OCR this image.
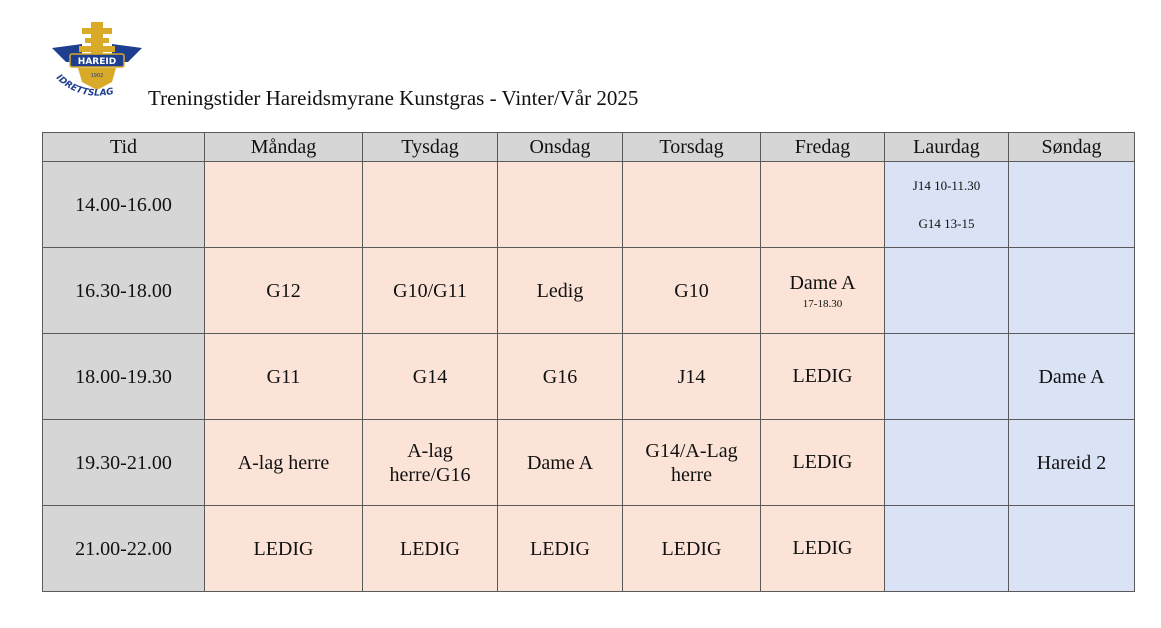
HAREID
1902
IDRETTSLAG Treningstider Hareidsmyrane Kunstgras - Vinter/Vår 2025
Tid	Måndag	Tysdag	Onsdag	Torsdag	Fredag	Laurdag	Søndag
14.00-16.00						J14 10-11.30
G14 13-15	

16.30-18.00	G12	G10/G11	Ledig	G10	Dame A
17-18.30		

18.00-19.30	G11	G14	G16	J14	LEDIG		Dame A
19.30-21.00	A-lag herre	A-lag herre/G16	Dame A	G14/A-Lag herre	LEDIG		Hareid 2
21.00-22.00	LEDIG	LEDIG	LEDIG	LEDIG	LEDIG
